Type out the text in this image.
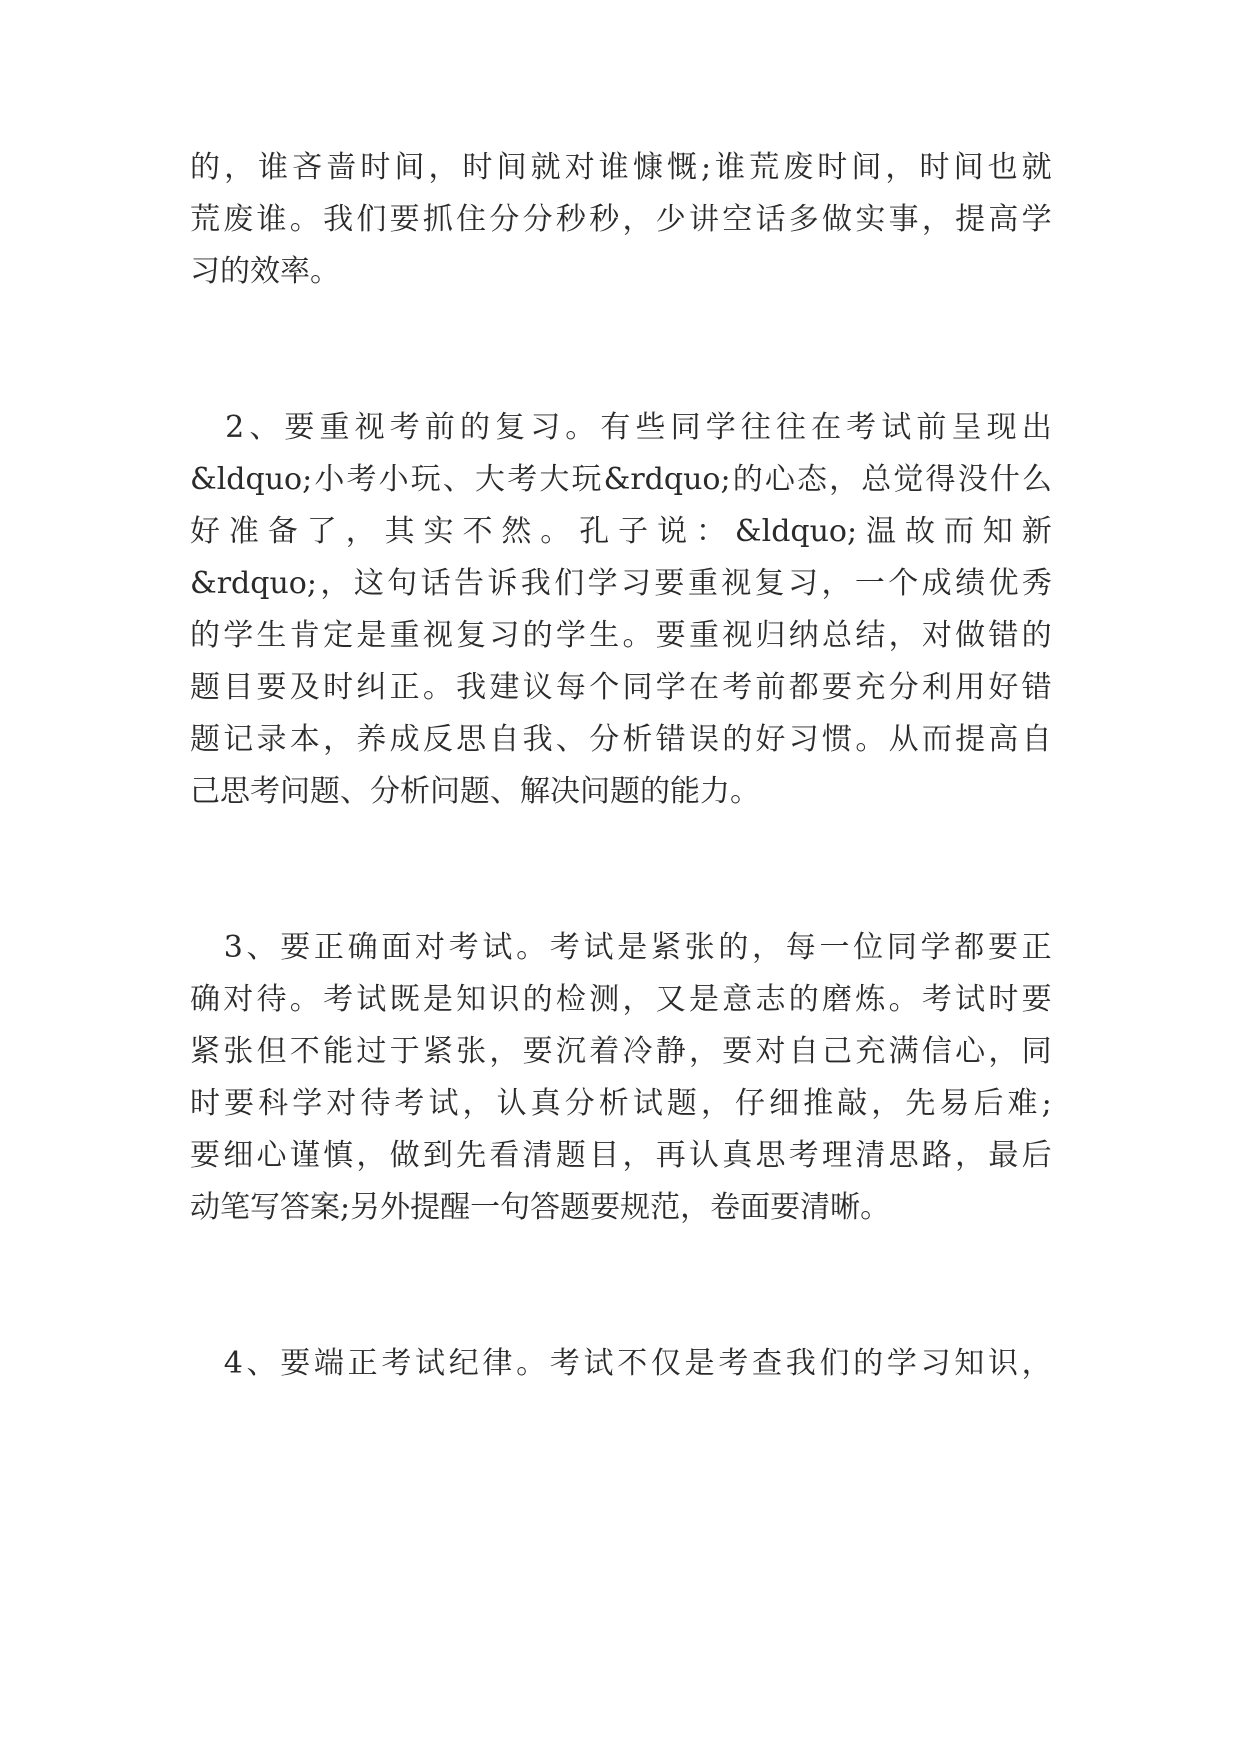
的 ， 谁 吝 啬 时 间 ， 时 间 就 对 谁 慷 慨 ; 谁 荒 废 时 间 ， 时 间 也 就
荒 废 谁 。 我 们 要 抓 住 分 分 秒 秒 ， 少 讲 空 话 多 做 实 事 ， 提 高 学
习的效率。

2 、 要 重 视 考 前 的 复 习 。 有 些 同 学 往 往 在 考 试 前 呈 现 出
&ldquo; 小 考 小 玩 、 大 考 大 玩 &rdquo; 的 心 态 ， 总 觉 得 没 什 么
好 准 备 了 ， 其 实 不 然 。 孔 子 说 ： &ldquo; 温 故 而 知 新
&rdquo; ， 这 句 话 告 诉 我 们 学 习 要 重 视 复 习 ， 一 个 成 绩 优 秀
的 学 生 肯 定 是 重 视 复 习 的 学 生 。 要 重 视 归 纳 总 结 ， 对 做 错 的
题 目 要 及 时 纠 正 。 我 建 议 每 个 同 学 在 考 前 都 要 充 分 利 用 好 错
题 记 录 本 ， 养 成 反 思 自 我 、 分 析 错 误 的 好 习 惯 。 从 而 提 高 自
己思考问题、分析问题、解决问题的能力。

3 、 要 正 确 面 对 考 试 。 考 试 是 紧 张 的 ， 每 一 位 同 学 都 要 正
确 对 待 。 考 试 既 是 知 识 的 检 测 ， 又 是 意 志 的 磨 炼 。 考 试 时 要
紧 张 但 不 能 过 于 紧 张 ， 要 沉 着 冷 静 ， 要 对 自 己 充 满 信 心 ， 同
时 要 科 学 对 待 考 试 ， 认 真 分 析 试 题 ， 仔 细 推 敲 ， 先 易 后 难 ;
要 细 心 谨 慎 ， 做 到 先 看 清 题 目 ， 再 认 真 思 考 理 清 思 路 ， 最 后
动笔写答案;另外提醒一句答题要规范，卷面要清晰。

4 、 要 端 正 考 试 纪 律 。 考 试 不 仅 是 考 查 我 们 的 学 习 知 识 ，
